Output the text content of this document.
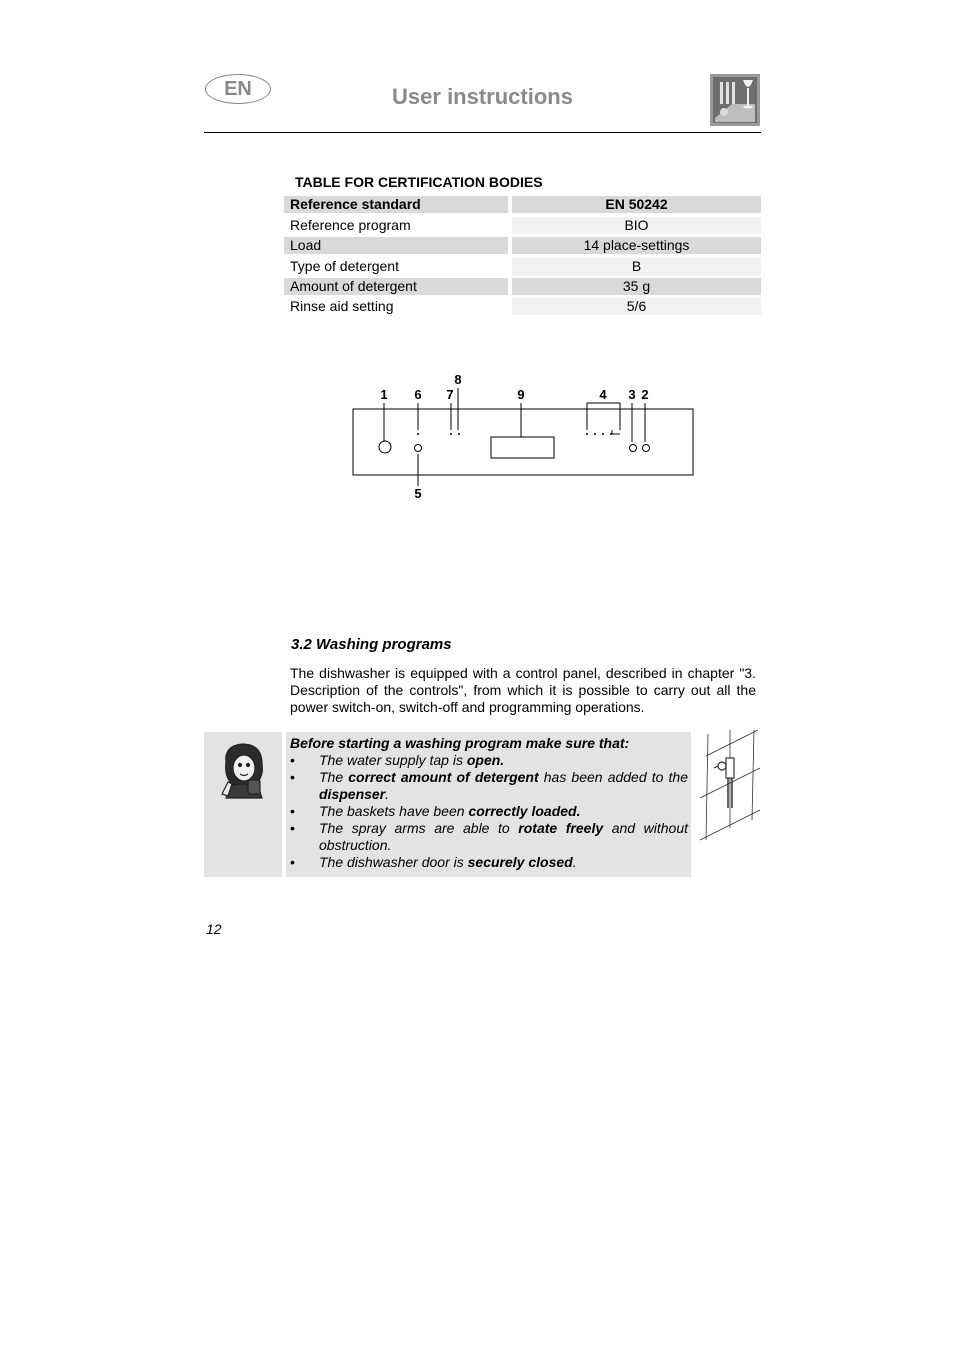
EN	User instructions
TABLE FOR CERTIFICATION BODIES
Reference standard	EN 50242
Reference program	BIO
Load	14 place-settings
Type of detergent	B
Amount of detergent	35 g
Rinse aid setting	5/6
1 6 7
8
9	4 3 2
5
3.2 Washing programs
The dishwasher is equipped with a control panel, described in chapter "3. Description of the controls", from which it is possible to carry out all the power switch-on, switch-off and programming operations.
Before starting a washing program make sure that:
• The water supply tap is open.
• The correct amount of detergent has been added to the dispenser.
• The baskets have been correctly loaded.
• The spray arms are able to rotate freely and without obstruction.
• The dishwasher door is securely closed.
12
